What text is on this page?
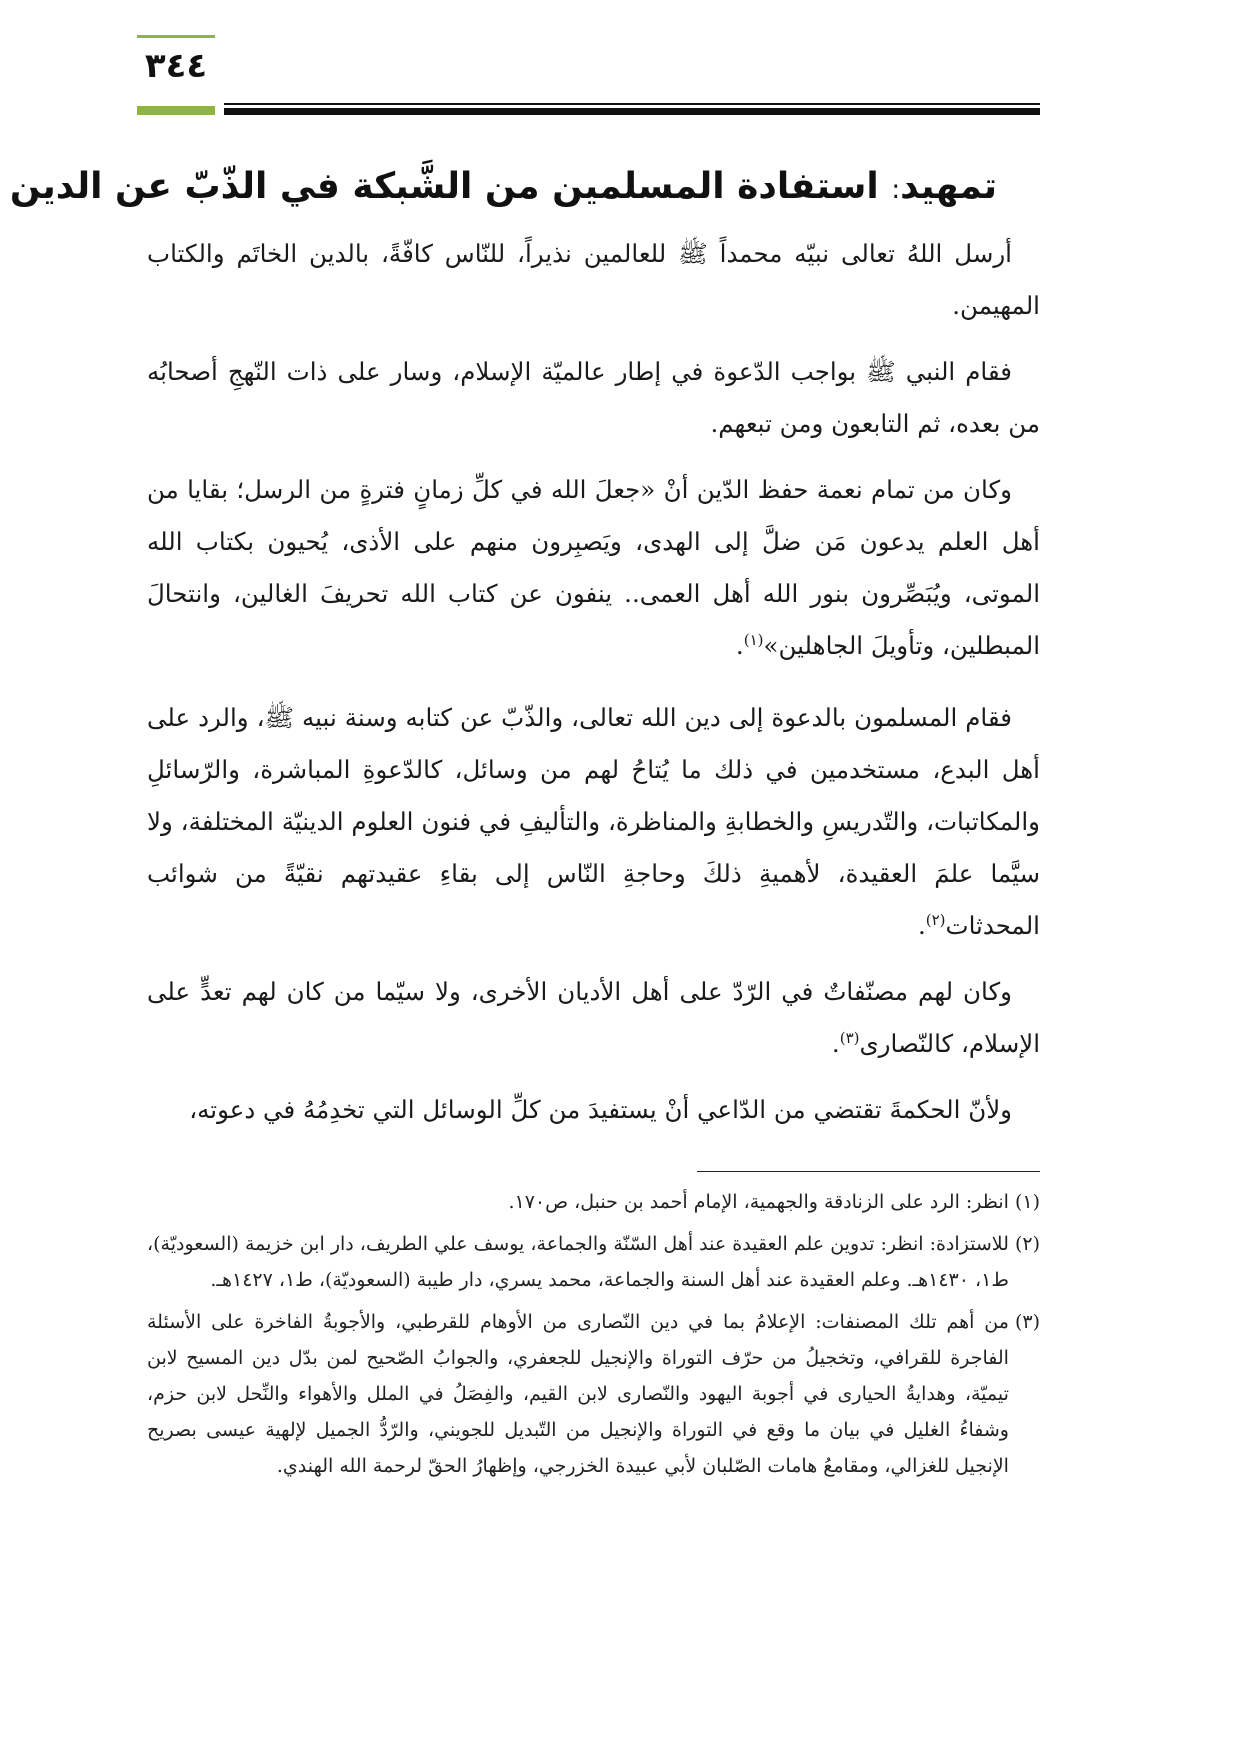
٣٤٤
تمهيد: استفادة المسلمين من الشَّبكة في الذّبّ عن الدين

أرسل اللهُ تعالى نبيّه محمداً ﷺ للعالمين نذيراً، للنّاس كافّةً، بالدين الخاتَم والكتاب المهيمن.

فقام النبي ﷺ بواجب الدّعوة في إطار عالميّة الإسلام، وسار على ذات النّهجِ أصحابُه من بعده، ثم التابعون ومن تبعهم.

وكان من تمام نعمة حفظ الدّين أنْ «جعلَ الله في كلِّ زمانٍ فترةٍ من الرسل؛ بقايا من أهل العلم يدعون مَن ضلَّ إلى الهدى، ويَصبِرون منهم على الأذى، يُحيون بكتاب الله الموتى، ويُبَصِّرون بنور الله أهل العمى.. ينفون عن كتاب الله تحريفَ الغالين، وانتحالَ المبطلين، وتأويلَ الجاهلين»$^{(١)}$.

فقام المسلمون بالدعوة إلى دين الله تعالى، والذّبّ عن كتابه وسنة نبيه ﷺ، والرد على أهل البدع، مستخدمين في ذلك ما يُتاحُ لهم من وسائل، كالدّعوةِ المباشرة، والرّسائلِ والمكاتبات، والتّدريسِ والخطابةِ والمناظرة، والتأليفِ في فنون العلوم الدينيّة المختلفة، ولا سيَّما علمَ العقيدة، لأهميةِ ذلكَ وحاجةِ النّاس إلى بقاءِ عقيدتهم نقيّةً من شوائب المحدثات$^{(٢)}$.

وكان لهم مصنّفاتٌ في الرّدّ على أهل الأديان الأخرى، ولا سيّما من كان لهم تعدٍّ على الإسلام، كالنّصارى$^{(٣)}$.

ولأنّ الحكمةَ تقتضي من الدّاعي أنْ يستفيدَ من كلِّ الوسائل التي تخدِمُهُ في دعوته،

(١)
انظر: الرد على الزنادقة والجهمية، الإمام أحمد بن حنبل، ص١٧٠.
(٢)
للاستزادة: انظر: تدوين علم العقيدة عند أهل السّنّة والجماعة، يوسف علي الطريف، دار ابن خزيمة (السعوديّة)، ط١، ١٤٣٠هـ. وعلم العقيدة عند أهل السنة والجماعة، محمد يسري، دار طيبة (السعوديّة)، ط١، ١٤٢٧هـ.
(٣)
من أهم تلك المصنفات: الإعلامُ بما في دين النّصارى من الأوهام للقرطبي، والأجوبةُ الفاخرة على الأسئلة الفاجرة للقرافي، وتخجيلُ من حرّف التوراة والإنجيل للجعفري، والجوابُ الصّحيح لمن بدّل دين المسيح لابن تيميّة، وهدايةُ الحيارى في أجوبة اليهود والنّصارى لابن القيم، والفِصَلُ في الملل والأهواء والنِّحل لابن حزم، وشفاءُ الغليل في بيان ما وقع في التوراة والإنجيل من التّبديل للجويني، والرّدُّ الجميل لإلهية عيسى بصريح الإنجيل للغزالي، ومقامعُ هامات الصّلبان لأبي عبيدة الخزرجي، وإظهارُ الحقّ لرحمة الله الهندي.
